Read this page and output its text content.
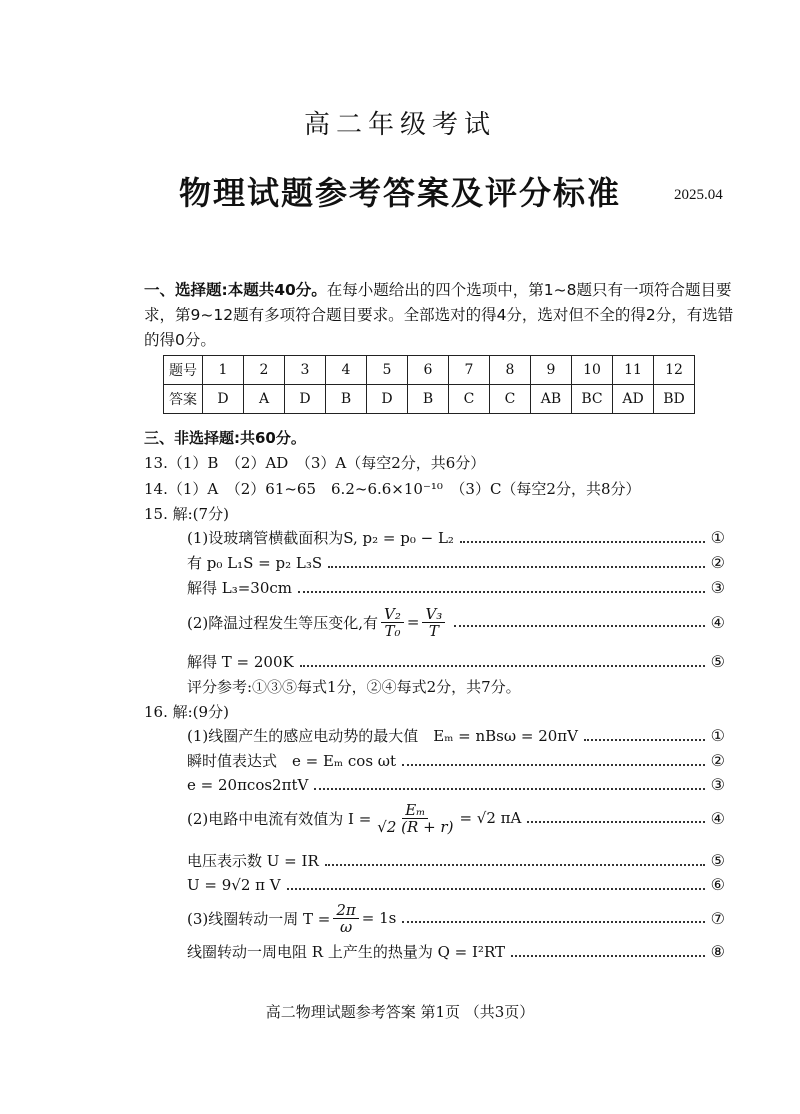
高二年级考试
物理试题参考答案及评分标准	2025.04
一、选择题:本题共40分。在每小题给出的四个选项中，第1~8题只有一项符合题目要求，第9~12题有多项符合题目要求。全部选对的得4分，选对但不全的得2分，有选错的得0分。
题号	1	2	3	4	5	6	7	8	9	10	11	12
答案	D	A	D	B	D	B	C	C	AB	BC	AD	BD
三、非选择题:共60分。
13.（1）B　（2）AD　（3）A（每空2分，共6分）
14.（1）A　（2）61~65　6.2~6.6×10⁻¹⁰　（3）C（每空2分，共8分）
15. 解:(7分)
(1)设玻璃管横截面积为S, p₂ = p₀ − L₂	①
有 p₀ L₁S = p₂ L₃S	②
解得 L₃=30cm	③
(2)降温过程发生等压变化,有 $\frac{\text{V₂}}{\text{T₀}} = \frac{\text{V₃}}{T}$	④
解得 T = 200K	⑤
评分参考:①③⑤每式1分，②④每式2分，共7分。
16. 解:(9分)
(1)线圈产生的感应电动势的最大值　Eₘ = nBsω = 20πV	①
瞬时值表达式　e = Eₘ cos ωt	②
e = 20πcos2πtV	③
(2)电路中电流有效值为 $I = \frac{\text{Eₘ}}{√2 (R + r)} = √2$ πA	④
电压表示数 U = IR	⑤
U = 9√2 π V	⑥
(3)线圈转动一周 $T = \frac{2\pi}{\omega} = 1s$	⑦
线圈转动一周电阻 R 上产生的热量为 Q = I²RT	⑧
高二物理试题参考答案 第1页 （共3页）
